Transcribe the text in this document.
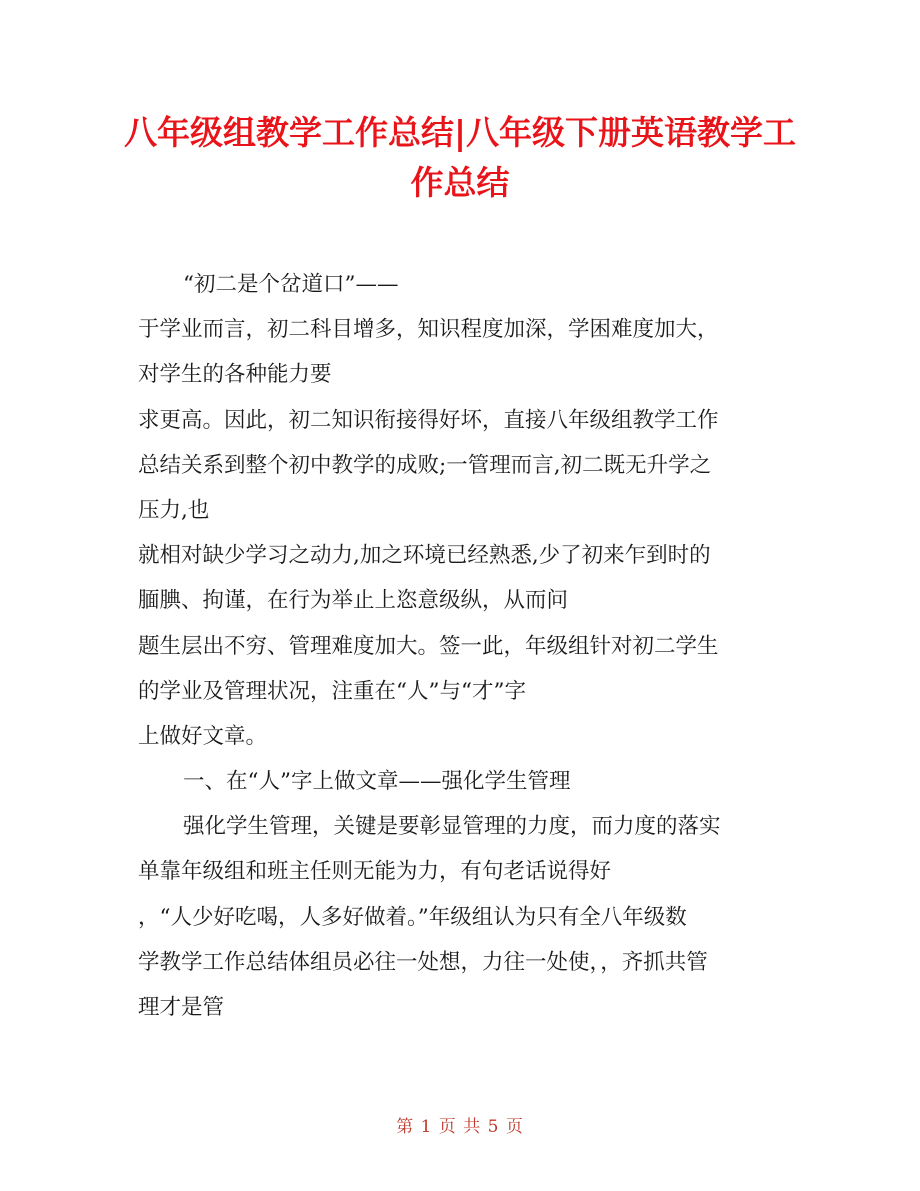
八年级组教学工作总结|八年级下册英语教学工
作总结
“初二是个岔道口”——
于学业而言，初二科目增多，知识程度加深，学困难度加大，
对学生的各种能力要
求更高。因此，初二知识衔接得好坏，直接八年级组教学工作
总结关系到整个初中教学的成败;一管理而言,初二既无升学之
压力,也
就相对缺少学习之动力,加之环境已经熟悉,少了初来乍到时的
腼腆、拘谨，在行为举止上恣意级纵，从而问
题生层出不穷、管理难度加大。签一此，年级组针对初二学生
的学业及管理状况，注重在“人”与“才”字
上做好文章。
一、在“人”字上做文章——强化学生管理
强化学生管理，关键是要彰显管理的力度，而力度的落实
单靠年级组和班主任则无能为力，有句老话说得好
，“人少好吃喝，人多好做着。”年级组认为只有全八年级数
学教学工作总结体组员必往一处想，力往一处使，，齐抓共管
理才是管
第 1 页 共 5 页
